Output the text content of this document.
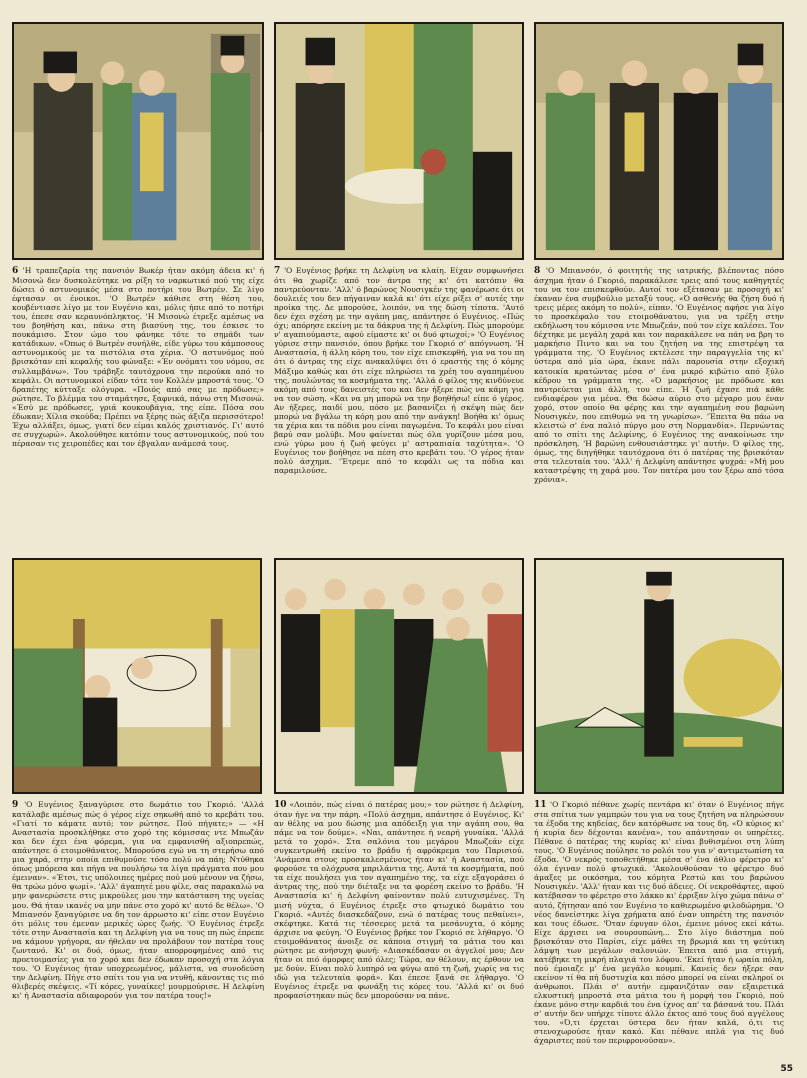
6 'Η τραπεζαρία της πανσιόν Βωκέρ ήταν ακόμη άδεια κι' ή Μισονώ δεν δυσκολεύτηκε να ρίξη το ναρκωτικό πού της είχε δώσει ό αστυνομικός μέσα στο ποτήρι του Βωτρέν. Σε λίγο έφτασαν οι ένοικοι. 'Ο Βωτρέν κάθισε στη θέση του, κουβέντιασε λίγο με τον Ευγένιο και, μόλις ήπιε από το ποτήρι του, έπεσε σαν κεραυνόπληκτος. 'Η Μισονώ έτρεξε αμέσως να του βοηθήση και, πάνω στη βιασύνη της, του έσκισε το πουκάμισο. Στον ώμο του φάνηκε τότε το σημάδι των κατάδικων. «Όπως ό Βωτρέν συνήλθε, είδε γύρω του κάμποσους αστυνομικούς με τα πιστόλια στα χέρια. 'Ο αστυνόμος πού βρισκόταν επί κεφαλής του φώναξε: «Έν ονόματι του νόμου, σε συλλαμβάνω». Του τράβηξε ταυτόχρονα την περούκα από το κεφάλι. Οι αστυνομικοί είδαν τότε τον Κολλέν μπροστά τους. 'Ο δραπέτης κύτταξε ολόγυρα. «Ποιός από σας με πρόδωσε;» ρώτησε. Το βλέμμα του σταμάτησε, ξαφνικά, πάνω στη Μισονώ. «Έσύ με πρόδωσες, γριά κουκουβάγια, της είπε. Πόσα σου έδωκαν; Χίλια σκούδα; Πρέπει να ξέρης πώς άξιζα περισσότερο! Έχω αλλάξει, όμως, γιατί δεν είμαι καλός χριστιανός. Γι' αυτό σε συγχωρώ». Ακολούθησε κατόπιν τους αστυνομικούς, πού του πέρασαν τις χειροπέδες και τον έβγαλαν ανάμεσά τους.

7 'Ο Ευγένιος βρήκε τη Δελφίνη να κλαίη. Είχαν συμφωνήσει ότι θα χωρίζε από τον άντρα της κι' ότι κατόπιν θα παντρεύονταν. 'Αλλ' ό βαρώνος Νουσιγκέν της φανέρωσε ότι οι δουλειές του δεν πήγαιναν καλά κι' ότι είχε ρίξει σ' αυτές την προίκα της. Δε μπορούσε, λοιπόν, να της δώση τίποτα. 'Αυτό δεν έχει σχέση με την αγάπη μας, απάντησε ό Ευγένιος. «Πώς όχι; απόρησε εκείνη με τα δάκρυα της ή Δελφίνη. Πώς μπορούμε ν' αγαπιούμαστε, αφού είμαστε κι' οι δυό φτωχοί;» 'Ο Ευγένιος γύρισε στην πανσιόν, όπου βρήκε τον Γκοριό σ' απόγνωση. 'Η Αναστασία, ή άλλη κόρη του, τον είχε επισκεφθή, για να του πη ότι ό άντρας της είχε ανακαλύψει ότι ό εραστής της ό κόμης Μάξιμο καθώς και ότι είχε πληρώσει τα χρέη του αγαπημένου της, πουλώντας τα κοσμήματα της. 'Αλλά ό φίλος της κινδύνευε ακόμη από τους δανειστές του και δεν ήξερε πώς να κάμη για να τον σώση. «Και να μη μπορώ να την βοηθήσω! είπε ό γέρος. Αν ήξερες, παιδί μου, πόσο με βασανίζει ή σκέψη πώς δεν μπορώ να βγάλω τη κόρη μου από την ανάγκη! Βοήθα κι' όμως τα χέρια και τα πόδια μου είναι παγωμένα. Το κεφάλι μου είναι βαρύ σαν μολύβι. Μου φαίνεται πώς όλα γυρίζουν μέσα μου, ενώ γύρω μου ή ζωή φεύγει μ' αστραπιαία ταχύτητα». 'Ο Ευγένιος τον βοήθησε να πέση στο κρεβάτι του. 'Ο γέρος ήταν πολύ άσχημα. 'Έτρεμε από το κεφάλι ως τα πόδια και παραμιλούσε.

8 'Ο Μπιανσόν, ό φοιτητής της ιατρικής, βλέποντας πόσο άσχημα ήταν ό Γκοριό, παρακάλεσε τρεις από τους καθηγητές του να τον επισκεφθούν. Αυτοί τον εξέτασαν με προσοχή κι' έκαναν ένα συμβούλιο μεταξύ τους. «Ό ασθενής θα ζήση δυό ή τρεις μέρες ακόμη το πολύ», είπαν. 'Ο Ευγένιος αφήσε για λίγο το προσκέφαλο του ετοιμοθάνατου, για να τρέξη στην εκδήλωση του κόμισσα ντε Μπωζεάν, πού τον είχε καλέσει. Τον δέχτηκε με μεγάλη χαρά και τον παρακάλεσε να πάη να βρη το μαρκήσιο Πιντο και να του ζητήση να της επιστρέψη τα γράμματα της. 'Ο Ευγένιος εκτέλεσε την παραγγελία της κι' ύστερα από μία ώρα, έκανε πάλι παρουσία στην εξοχική κατοικία κρατώντας μέσα σ' ένα μικρό κιβώτιο από ξύλο κέδρου τα γράμματα της. «Ό μαρκήσιος με πρόδωσε και παντρεύεται μια άλλη, του είπε. Ή ζωή έχασε πιά κάθε ενδιαφέρον για μένα. Θα δώσω αύριο στο μέγαρο μου έναν χορό, στον οποίο θα φέρης και την αγαπημένη σου βαρώνη Νουσιγκέν, που επιθυμώ να τη γνωρίσω». 'Έπειτα θα πάω να κλειστώ σ' ένα παλιό πύργο μου στη Νορμανδία». Περνώντας από το σπίτι της Δελφίνης, ό Ευγένιος της ανακοίνωσε την πρόσκληση. 'Η βαρώνη ενθουσιάστηκε γι' αυτήν. Ό φίλος της, όμως, της διηγήθηκε ταυτόχρονα ότι ό πατέρας της βρισκόταν στα τελευταία του. 'Αλλ' ή Δελφίνη απάντησε ψυχρά: «Μή μου καταστρέψης τη χαρά μου. Τον πατέρα μου τον ξέρω από τόσα χρόνια».

9 'Ο Ευγένιος ξαναγύρισε στο δωμάτιο του Γκοριό. 'Αλλά κατάλαβε αμέσως πώς ό γέρος είχε σηκωθή από το κρεβάτι του. «Γιατί το κάματε αυτό; τον ρώτησε. Πού πήγατε;» — «Η Αναστασία προσκλήθηκε στο χορό της κόμισσας ντε Μπωζάν και δεν έχει ένα φόρεμα, για να εμφανισθή αξιοπρεπώς, απάντησε ό ετοιμοθάνατος. Μπορούσα εγώ να τη στερήσω από μια χαρά, στην οποία επιθυμούσε τόσο πολύ να πάη; Ντύθηκα όπως μπόρεσα και πήγα να πουλήσω τα λίγα πράγματα που μου έμειναν». «Έτσι, τις υπόλοιπες ημέρες πού μού μένουν να ζήσω, θα τρώω μόνο ψωμί». 'Αλλ' άγαπητέ μου φίλε, σας παρακαλώ να μην φανερώσετε στις μικρούλες μου την κατάσταση της υγείας μου. Θά ήταν ικανές να μην πάνε στο χορό κι' αυτό δε θέλω». 'Ο Μπιανσόν ξαναγύρισε να δη τον άρρωστο κι' είπε στον Ευγένιο ότι μόλις του έμεναν μερικές ώρες ζωής. 'Ο Ευγένιος έτρεξε τότε στην Αναστασία και τη Δελφίνη για να τους πη πώς έπρεπε να κάμουν γρήγορα, αν ήθελαν να προλάβουν τον πατέρα τους ζωντανό. Κι' οι δυό, όμως, ήταν απορροφημένες από τις προετοιμασίες για το χορό και δεν έδωκαν προσοχή στα λόγια του. 'Ο Ευγένιος ήταν υποχρεωμένος, μάλιστα, να συνοδεύση την Δελφίνη. Πήγε στο σπίτι του για να ντυθή, κάνοντας τις πιό θλιβερές σκέψεις. «Τί κόρες, γυναίκες! μουρμούρισε. Η Δελφίνη κι' ή Αναστασία αδιαφορούν για τον πατέρα τους!»

10 «Λοιπόν, πώς είναι ό πατέρας μου;» τον ρώτησε ή Δελφίνη, όταν ήγε να την πάρη. «Πολύ άσχημα, απάντησε ό Ευγένιος. Κι' αν θέλης να μου δώσης μια απόδειξη για την αγάπη σου, θα πάμε να τον δούμε». «Ναι, απάντησε ή νεαρή γυναίκα. 'Αλλά μετά το χορό». Στα σαλόνια του μεγάρου Μπωζεάν είχε συγκεντρωθή εκείνο το βράδυ ή αφρόκρεμα του Παρισιού. 'Ανάμεσα στους προσκαλεσμένους ήταν κι' ή Αναστασία, πού φορούσε τα ολόχρυσα μπριλάντια της. Αυτά τα κοσμήματα, πού τα είχε πουλήσει για τον αγαπημένο της, τα είχε εξαγοράσει ό άντρας της, πού την διέταξε να τα φορέση εκείνο το βράδυ. 'Η Αναστασία κι' ή Δελφίνη φαίνονταν πολύ ευτυχισμένες. Τη μισή νύχτα, ό Ευγένιος έτρεξε στο φτωχικό δωμάτιο του Γκοριό. «Αυτές διασκεδάζουν, ενώ ό πατέρας τους πεθαίνει», σκέφτηκε. Κατά τις τέσσερες μετά τα μεσάνυχτα, ό κόμης άρχισε να φεύγη. 'Ο Ευγένιος βρήκε τον Γκοριό σε λήθαργο. 'Ο ετοιμοθάνατος άνοιξε σε κάποια στιγμή τα μάτια του και ρώτησε με ανήσυχη φωνή: «Διασκέδασαν οι άγγελοί μου; Δεν ήταν οι πιό όμορφες από όλες; Τώρα, αν θέλουν, ας έρθουν να με δούν. Είναι πολύ λυπηρό να φύγω από τη ζωή, χωρίς να τις ιδώ για τελευταία φορά». Και έπεσε ξανά σε λήθαργο. 'Ο Ευγένιος έτρεξε να φωνάξη τις κόρες του. 'Αλλά κι' οι δυό προφασίστηκαν πώς δεν μπορούσαν να πάνε.

11 'Ο Γκοριό πέθανε χωρίς πεντάρα κι' όταν ό Ευγένιος πήγε στα σπίτια των γαμπρών του για να τους ζητήση να πληρώσουν τα έξοδα της κηδείας, δεν κατόρθωσε να τους δη. «Ό κύριος κι' ή κυρία δεν δέχονται κανένα», του απάντησαν οι υπηρέτες. Πέθανε ό πατέρας της κυρίας κι' είναι βυθισμένοι στη λύπη τους. 'Ο Ευγένιος πούλησε το ρολόι του για ν' αντιμετωπίση τα έξοδα. 'Ο νεκρός τοποθετήθηκε μέσα σ' ένα άθλιο φέρετρο κι' όλα έγιναν πολύ φτωχικά. 'Ακολουθούσαν το φέρετρο δυό άμαξες με οικόσημα, του κόμητα Ρεστώ και του βαρώνου Νουσιγκέν. 'Αλλ' ήταν και τις δυό άδειες. Οί νεκροθάφτες, αφού κατέβασαν το φέρετρο στο λάκκο κι' έρριξαν λίγο χώμα πάνω σ' αυτό, ζήτησαν από τον Ευγένιο το καθιερωμένο φιλοδώρημα. 'Ο νέος δανείστηκε λίγα χρήματα από έναν υπηρέτη της πανσιόν και τους έδωσε. 'Όταν έφυγαν όλοι, έμεινε μόνος εκεί κάτω. Είχε άρχισει να σουρουπώνη... Στο λίγο διάστημα πού βρισκόταν στο Παρίσι, είχε μάθει τη βρωμιά και τη ψεύτικη λάμψη των μεγάλων σαλονιών. Έπειτα από μια στιγμή, κατέβηκε τη μικρή πλαγιά του λόφου. 'Εκεί ήταν ή ωραία πόλη, πού έμοιαζε μ' ένα μεγάλο κουμπί. Κανείς δεν ήξερε σαν εκείνον τί θα πή δυστυχία και πόσο μπορεί να είναι σκληροί οι άνθρωποι. Πλάι σ' αυτήν εμφανιζόταν σαν εξαιρετικά ελκυστική μπροστά στα μάτια του ή μορφή του Γκοριό, πού έκανε μόνο στην καρδιά του ένα ίχνος απ' τα βάσανά του. Πλάι σ' αυτήν δεν υπήρχε τίποτε άλλο έκτος από τους δυό αγγέλους του. «Ό,τι έρχεται ύστερα δεν ήταν καλά, ό,τι τις στενοχωρούσε ήταν κακό. Και πέθανε απλά για τις δυό άχαριστες πού τον περιφρονούσαν».

55
